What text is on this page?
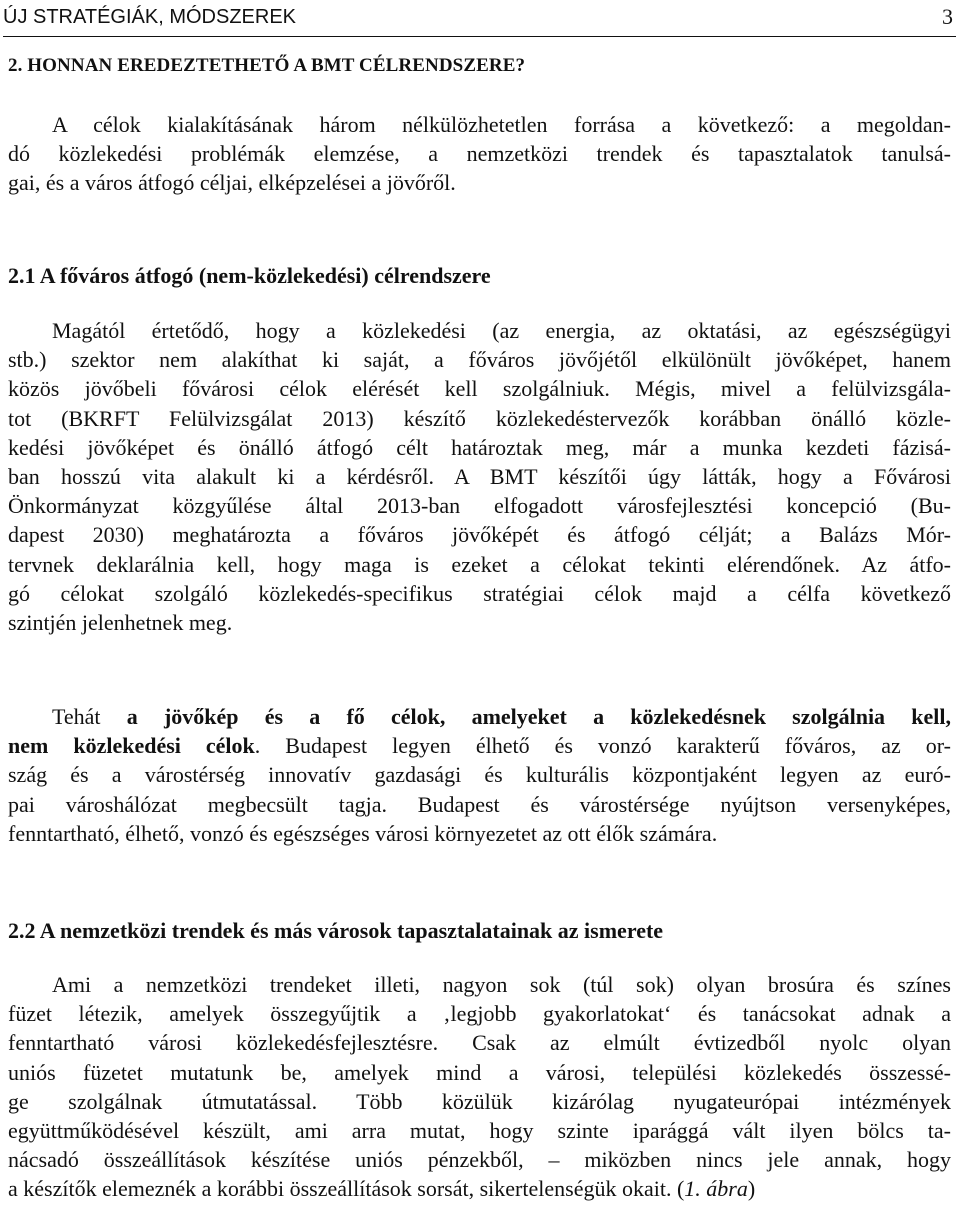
ÚJ STRATÉGIÁK, MÓDSZEREK	3
2. HONNAN EREDEZTETHETŐ A BMT CÉLRENDSZERE?
A célok kialakításának három nélkülözhetetlen forrása a következő: a megoldan-
dó közlekedési problémák elemzése, a nemzetközi trendek és tapasztalatok tanulsá-
gai, és a város átfogó céljai, elképzelései a jövőről.
2.1 A főváros átfogó (nem-közlekedési) célrendszere
Magától értetődő, hogy a közlekedési (az energia, az oktatási, az egészségügyi
stb.) szektor nem alakíthat ki saját, a főváros jövőjétől elkülönült jövőképet, hanem
közös jövőbeli fővárosi célok elérését kell szolgálniuk. Mégis, mivel a felülvizsgála-
tot (BKRFT Felülvizsgálat 2013) készítő közlekedéstervezők korábban önálló közle-
kedési jövőképet és önálló átfogó célt határoztak meg, már a munka kezdeti fázisá-
ban hosszú vita alakult ki a kérdésről. A BMT készítői úgy látták, hogy a Fővárosi
Önkormányzat közgyűlése által 2013-ban elfogadott városfejlesztési koncepció (Bu-
dapest 2030) meghatározta a főváros jövőképét és átfogó célját; a Balázs Mór-
tervnek deklarálnia kell, hogy maga is ezeket a célokat tekinti elérendőnek. Az átfo-
gó célokat szolgáló közlekedés-specifikus stratégiai célok majd a célfa következő
szintjén jelenhetnek meg.
Tehát a jövőkép és a fő célok, amelyeket a közlekedésnek szolgálnia kell,
nem közlekedési célok. Budapest legyen élhető és vonzó karakterű főváros, az or-
szág és a várostérség innovatív gazdasági és kulturális központjaként legyen az euró-
pai városhálózat megbecsült tagja. Budapest és várostérsége nyújtson versenyképes,
fenntartható, élhető, vonzó és egészséges városi környezetet az ott élők számára.
2.2 A nemzetközi trendek és más városok tapasztalatainak az ismerete
Ami a nemzetközi trendeket illeti, nagyon sok (túl sok) olyan brosúra és színes
füzet létezik, amelyek összegyűjtik a ‚legjobb gyakorlatokat‘ és tanácsokat adnak a
fenntartható városi közlekedésfejlesztésre. Csak az elmúlt évtizedből nyolc olyan
uniós füzetet mutatunk be, amelyek mind a városi, települési közlekedés összessé-
ge szolgálnak útmutatással. Több közülük kizárólag nyugateurópai intézmények
együttműködésével készült, ami arra mutat, hogy szinte iparággá vált ilyen bölcs ta-
nácsadó összeállítások készítése uniós pénzekből, – miközben nincs jele annak, hogy
a készítők elemeznék a korábbi összeállítások sorsát, sikertelenségük okait. (1. ábra)
